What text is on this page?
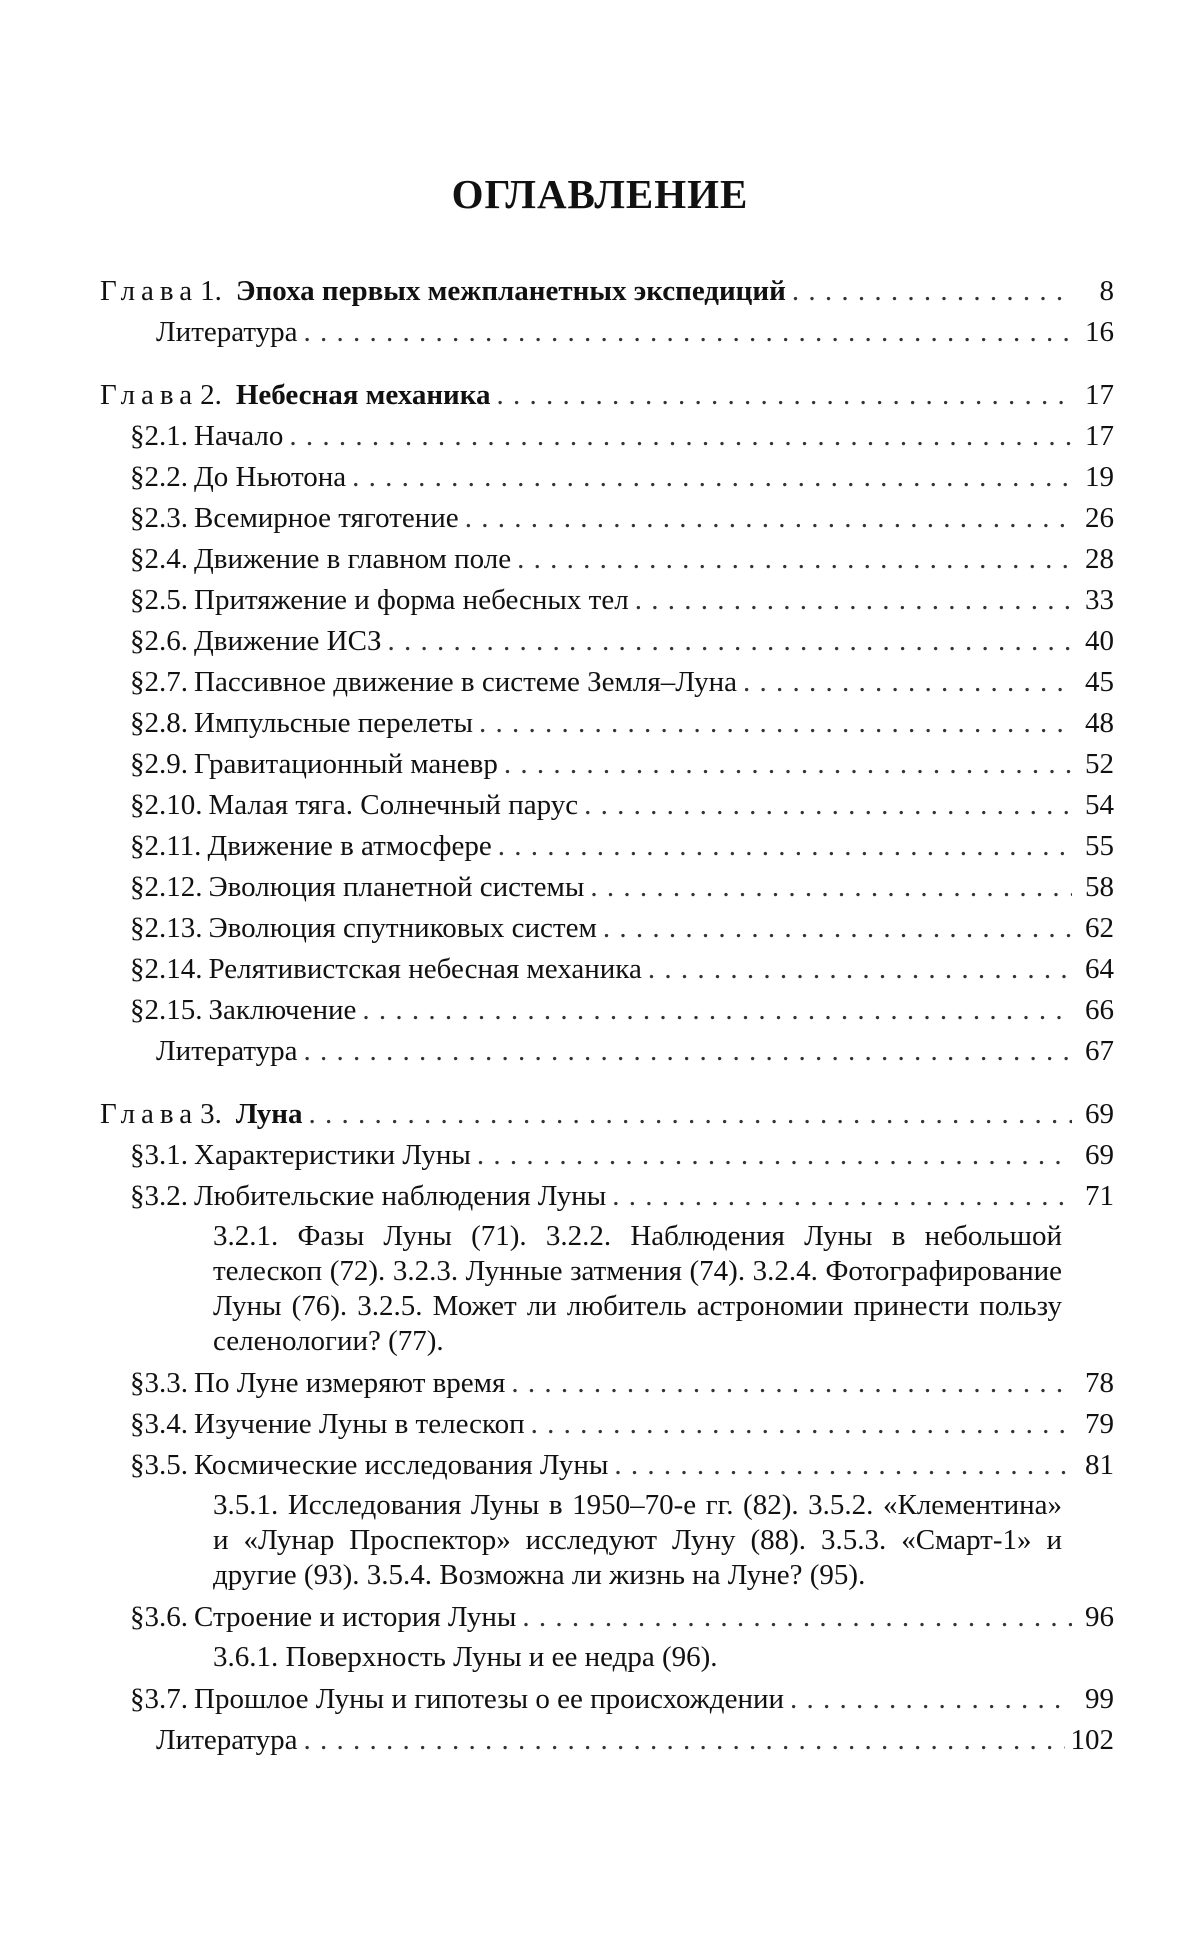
ОГЛАВЛЕНИЕ
Глава 1. Эпоха первых межпланетных экспедиций . . .	8
Литература . . .	16
Глава 2. Небесная механика . . .	17
§2.1. Начало . . .	17
§2.2. До Ньютона . . .	19
§2.3. Всемирное тяготение . . .	26
§2.4. Движение в главном поле . . .	28
§2.5. Притяжение и форма небесных тел . . .	33
§2.6. Движение ИСЗ . . .	40
§2.7. Пассивное движение в системе Земля–Луна . . .	45
§2.8. Импульсные перелеты . . .	48
§2.9. Гравитационный маневр . . .	52
§2.10. Малая тяга. Солнечный парус . . .	54
§2.11. Движение в атмосфере . . .	55
§2.12. Эволюция планетной системы . . .	58
§2.13. Эволюция спутниковых систем . . .	62
§2.14. Релятивистская небесная механика . . .	64
§2.15. Заключение . . .	66
Литература . . .	67
Глава 3. Луна . . .	69
§3.1. Характеристики Луны . . .	69
§3.2. Любительские наблюдения Луны . . .	71
3.2.1. Фазы Луны (71). 3.2.2. Наблюдения Луны в небольшой телескоп (72). 3.2.3. Лунные затмения (74). 3.2.4. Фотографирование Луны (76). 3.2.5. Может ли любитель астрономии принести пользу селенологии? (77).
§3.3. По Луне измеряют время . . .	78
§3.4. Изучение Луны в телескоп . . .	79
§3.5. Космические исследования Луны . . .	81
3.5.1. Исследования Луны в 1950–70-е гг. (82). 3.5.2. «Клементина» и «Лунар Проспектор» исследуют Луну (88). 3.5.3. «Смарт-1» и другие (93). 3.5.4. Возможна ли жизнь на Луне? (95).
§3.6. Строение и история Луны . . .	96
3.6.1. Поверхность Луны и ее недра (96).
§3.7. Прошлое Луны и гипотезы о ее происхождении . . .	99
Литература . . .	102
